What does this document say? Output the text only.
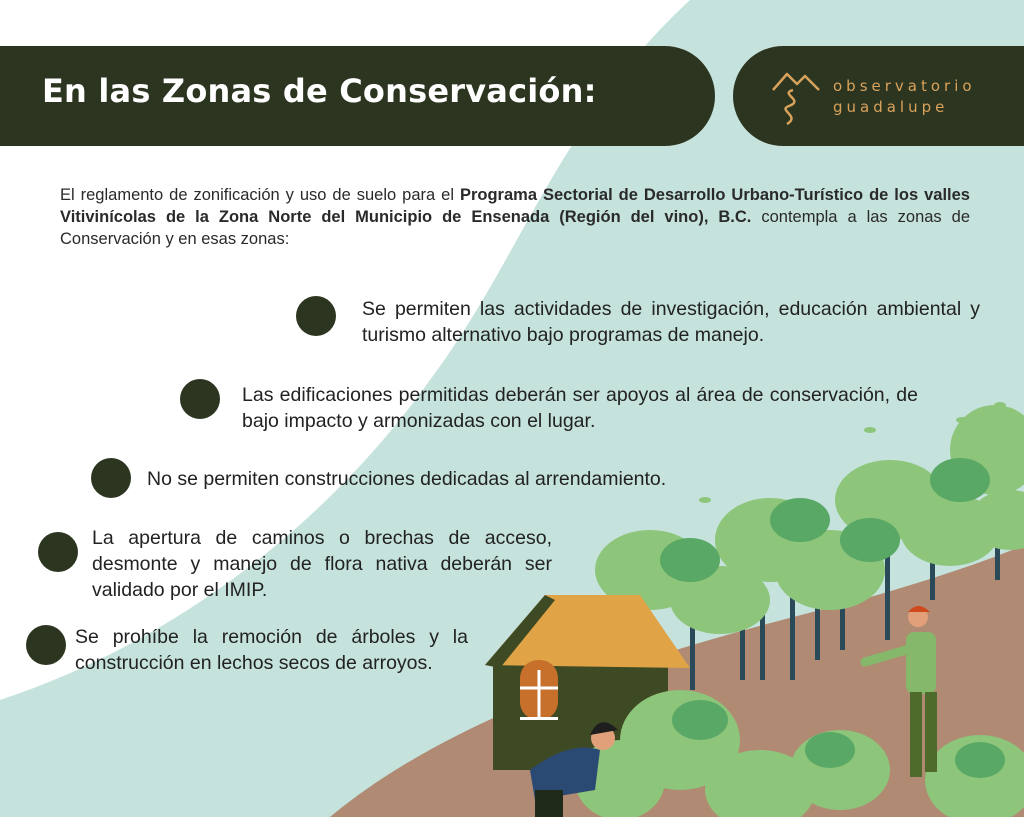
En las Zonas de Conservación:	observatorio
guadalupe
El reglamento de zonificación y uso de suelo para el Programa Sectorial de Desarrollo Urbano-Turístico de los valles Vitivinícolas de la Zona Norte del Municipio de Ensenada (Región del vino), B.C. contempla a las zonas de Conservación y en esas zonas:
Se permiten las actividades de investigación, educación ambiental y turismo alternativo bajo programas de manejo.
Las edificaciones permitidas deberán ser apoyos al área de conservación, de bajo impacto y armonizadas con el lugar.
No se permiten construcciones dedicadas al arrendamiento.
La apertura de caminos o brechas de acceso, desmonte y manejo de flora nativa deberán ser validado por el IMIP.
Se prohíbe la remoción de árboles y la construcción en lechos secos de arroyos.
